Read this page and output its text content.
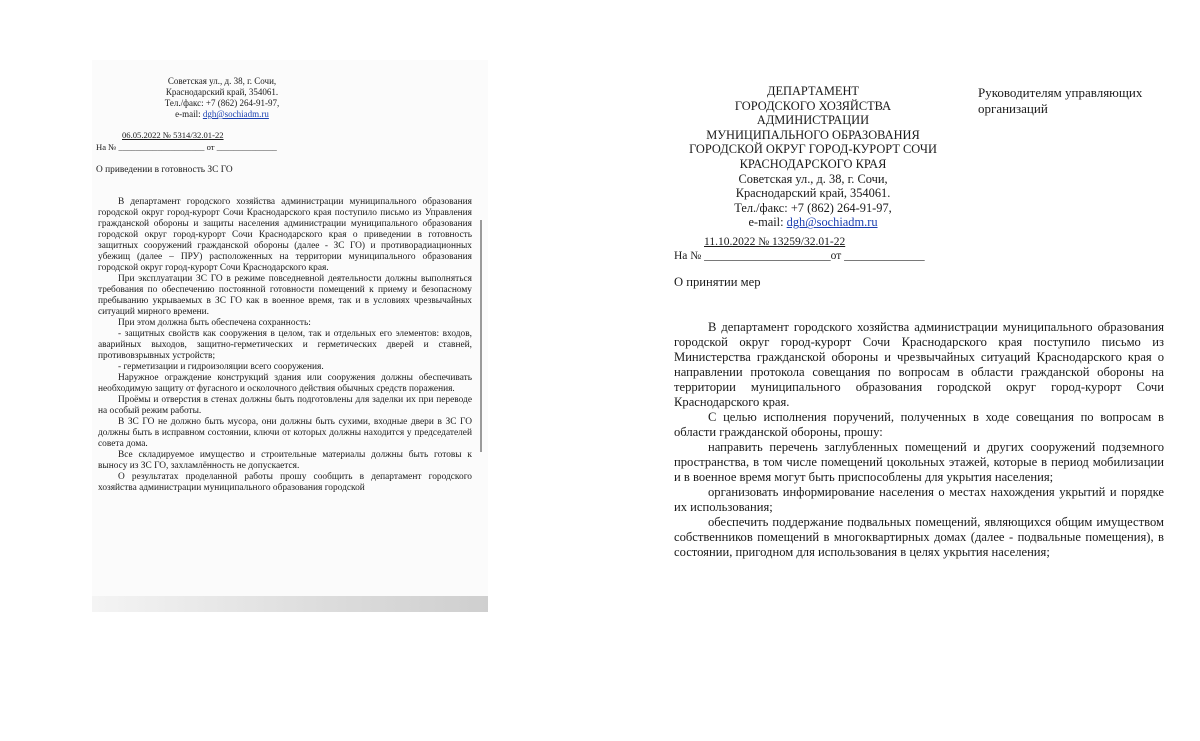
Советская ул., д. 38, г. Сочи,
Краснодарский край, 354061.
Тел./факс: +7 (862) 264-91-97,
e-mail: dgh@sochiadm.ru
06.05.2022 № 5314/32.01-22
На № ____________________ от ______________
О приведении в готовность ЗС ГО

В департамент городского хозяйства администрации муниципального образования городской округ город-курорт Сочи Краснодарского края поступило письмо из Управления гражданской обороны и защиты населения администрации муниципального образования городской округ город-курорт Сочи Краснодарского края о приведении в готовность защитных сооружений гражданской обороны (далее - ЗС ГО) и противорадиационных убежищ (далее – ПРУ) расположенных на территории муниципального образования городской округ город-курорт Сочи Краснодарского края.

При эксплуатации ЗС ГО в режиме повседневной деятельности должны выполняться требования по обеспечению постоянной готовности помещений к приему и безопасному пребыванию укрываемых в ЗС ГО как в военное время, так и в условиях чрезвычайных ситуаций мирного времени.

При этом должна быть обеспечена сохранность:

- защитных свойств как сооружения в целом, так и отдельных его элементов: входов, аварийных выходов, защитно-герметических и герметических дверей и ставней, противовзрывных устройств;

- герметизации и гидроизоляции всего сооружения.

Наружное ограждение конструкций здания или сооружения должны обеспечивать необходимую защиту от фугасного и осколочного действия обычных средств поражения.

Проёмы и отверстия в стенах должны быть подготовлены для заделки их при переводе на особый режим работы.

В ЗС ГО не должно быть мусора, они должны быть сухими, входные двери в ЗС ГО должны быть в исправном состоянии, ключи от которых должны находится у председателей совета дома.

Все складируемое имущество и строительные материалы должны быть готовы к выносу из ЗС ГО, захламлённость не допускается.

О результатах проделанной работы прошу сообщить в департамент городского хозяйства администрации муниципального образования городской

ДЕПАРТАМЕНТ
ГОРОДСКОГО ХОЗЯЙСТВА
АДМИНИСТРАЦИИ
МУНИЦИПАЛЬНОГО ОБРАЗОВАНИЯ
ГОРОДСКОЙ ОКРУГ ГОРОД-КУРОРТ СОЧИ
КРАСНОДАРСКОГО КРАЯ
Советская ул., д. 38, г. Сочи,
Краснодарский край, 354061.
Тел./факс: +7 (862) 264-91-97,
e-mail: dgh@sochiadm.ru
Руководителям управляющих организаций
11.10.2022 № 13259/32.01-22
На № ______________________от ______________
О принятии мер

В департамент городского хозяйства администрации муниципального образования городской округ город-курорт Сочи Краснодарского края поступило письмо из Министерства гражданской обороны и чрезвычайных ситуаций Краснодарского края о направлении протокола совещания по вопросам в области гражданской обороны на территории муниципального образования городской округ город-курорт Сочи Краснодарского края.

С целью исполнения поручений, полученных в ходе совещания по вопросам в области гражданской обороны, прошу:

направить перечень заглубленных помещений и других сооружений подземного пространства, в том числе помещений цокольных этажей, которые в период мобилизации и в военное время могут быть приспособлены для укрытия населения;

организовать информирование населения о местах нахождения укрытий и порядке их использования;

обеспечить поддержание подвальных помещений, являющихся общим имуществом собственников помещений в многоквартирных домах (далее - подвальные помещения), в состоянии, пригодном для использования в целях укрытия населения;
